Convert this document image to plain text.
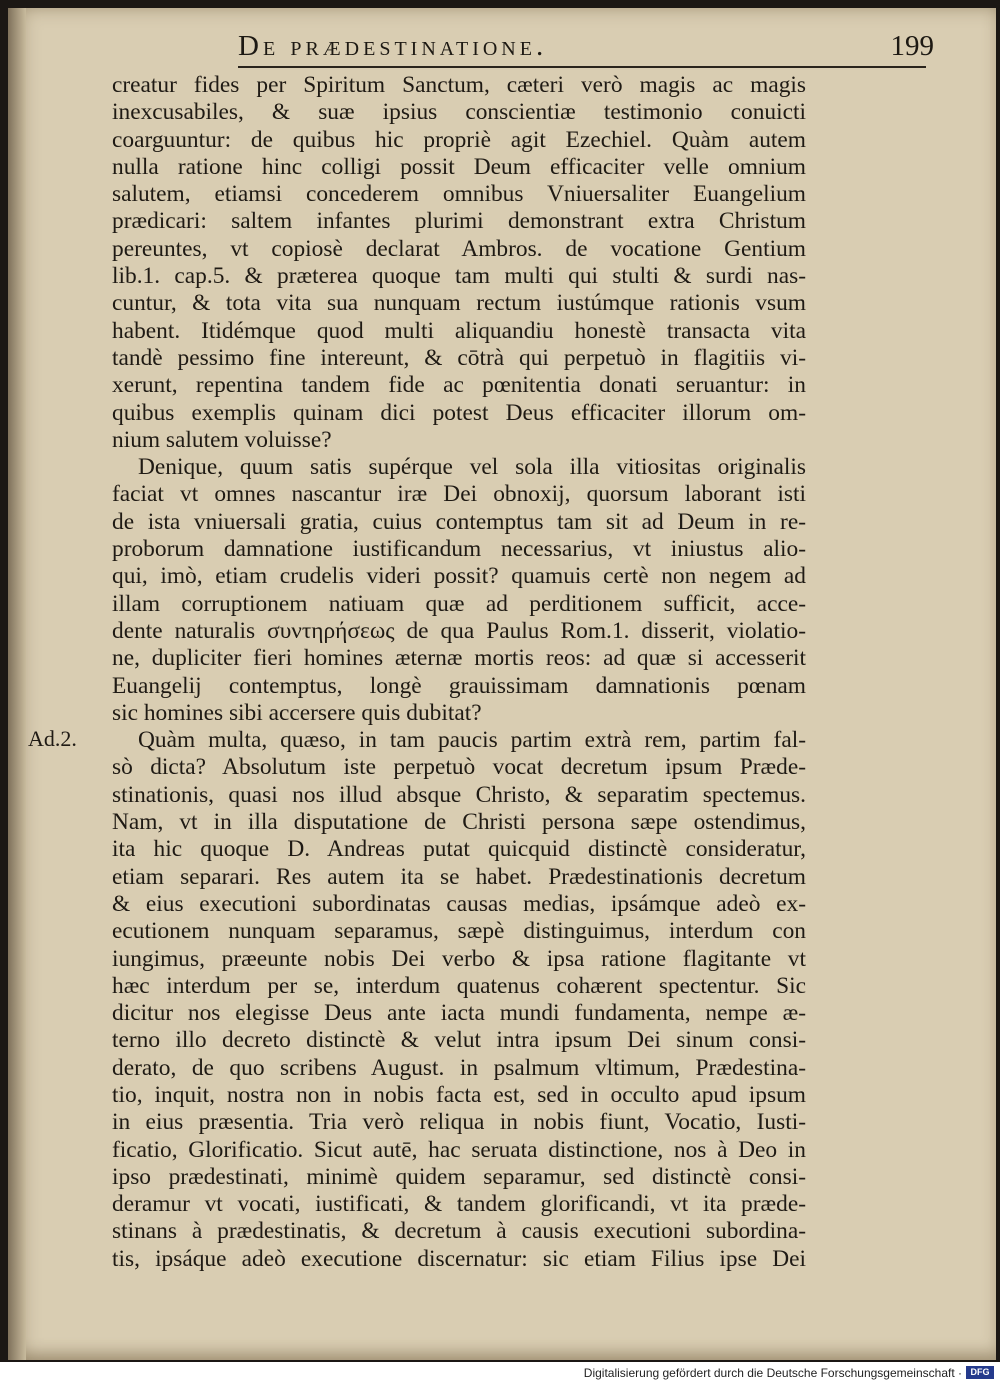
De prædestinatione.	199
Ad.2.
creatur fides per Spiritum Sanctum, cæteri verò magis ac magis
inexcusabiles, & suæ ipsius conscientiæ testimonio conuicti
coarguuntur: de quibus hic propriè agit Ezechiel. Quàm autem
nulla ratione hinc colligi possit Deum efficaciter velle omnium
salutem, etiamsi concederem omnibus Vniuersaliter Euangelium
prædicari: saltem infantes plurimi demonstrant extra Christum
pereuntes, vt copiosè declarat Ambros. de vocatione Gentium
lib.1. cap.5. & præterea quoque tam multi qui stulti & surdi nas-
cuntur, & tota vita sua nunquam rectum iustúmque rationis vsum
habent. Itidémque quod multi aliquandiu honestè transacta vita
tandè pessimo fine intereunt, & cōtrà qui perpetuò in flagitiis vi-
xerunt, repentina tandem fide ac pœnitentia donati seruantur: in
quibus exemplis quinam dici potest Deus efficaciter illorum om-
nium salutem voluisse?
Denique, quum satis supérque vel sola illa vitiositas originalis
faciat vt omnes nascantur iræ Dei obnoxij, quorsum laborant isti
de ista vniuersali gratia, cuius contemptus tam sit ad Deum in re-
proborum damnatione iustificandum necessarius, vt iniustus alio-
qui, imò, etiam crudelis videri possit? quamuis certè non negem ad
illam corruptionem natiuam quæ ad perditionem sufficit, acce-
dente naturalis συντηρήσεως de qua Paulus Rom.1. disserit, violatio-
ne, dupliciter fieri homines æternæ mortis reos: ad quæ si accesserit
Euangelij contemptus, longè grauissimam damnationis pœnam
sic homines sibi accersere quis dubitat?
Quàm multa, quæso, in tam paucis partim extrà rem, partim fal-
sò dicta? Absolutum iste perpetuò vocat decretum ipsum Prædе-
stinationis, quasi nos illud absque Christo, & separatim spectemus.
Nam, vt in illa disputatione de Christi persona sæpe ostendimus,
ita hic quoque D. Andreas putat quicquid distinctè consideratur,
etiam separari. Res autem ita se habet. Prædestinationis decretum
& eius executioni subordinatas causas medias, ipsámque adeò ex-
ecutionem nunquam separamus, sæpè distinguimus, interdum con
iungimus, præeunte nobis Dei verbo & ipsa ratione flagitante vt
hæc interdum per se, interdum quatenus cohærent spectentur. Sic
dicitur nos elegisse Deus ante iacta mundi fundamenta, nempe æ-
terno illo decreto distinctè & velut intra ipsum Dei sinum consi-
derato, de quo scribens August. in psalmum vltimum, Prædestina-
tio, inquit, nostra non in nobis facta est, sed in occulto apud ipsum
in eius præsentia. Tria verò reliqua in nobis fiunt, Vocatio, Iusti-
ficatio, Glorificatio. Sicut autē, hac seruata distinctione, nos à Deo in
ipso prædestinati, minimè quidem separamur, sed distinctè consi-
deramur vt vocati, iustificati, & tandem glorificandi, vt ita præde-
stinans à prædestinatis, & decretum à causis executioni subordina-
tis, ipsáque adeò executione discernatur: sic etiam Filius ipse Dei
Digitalisierung gefördert durch die Deutsche Forschungsgemeinschaft · DFG
